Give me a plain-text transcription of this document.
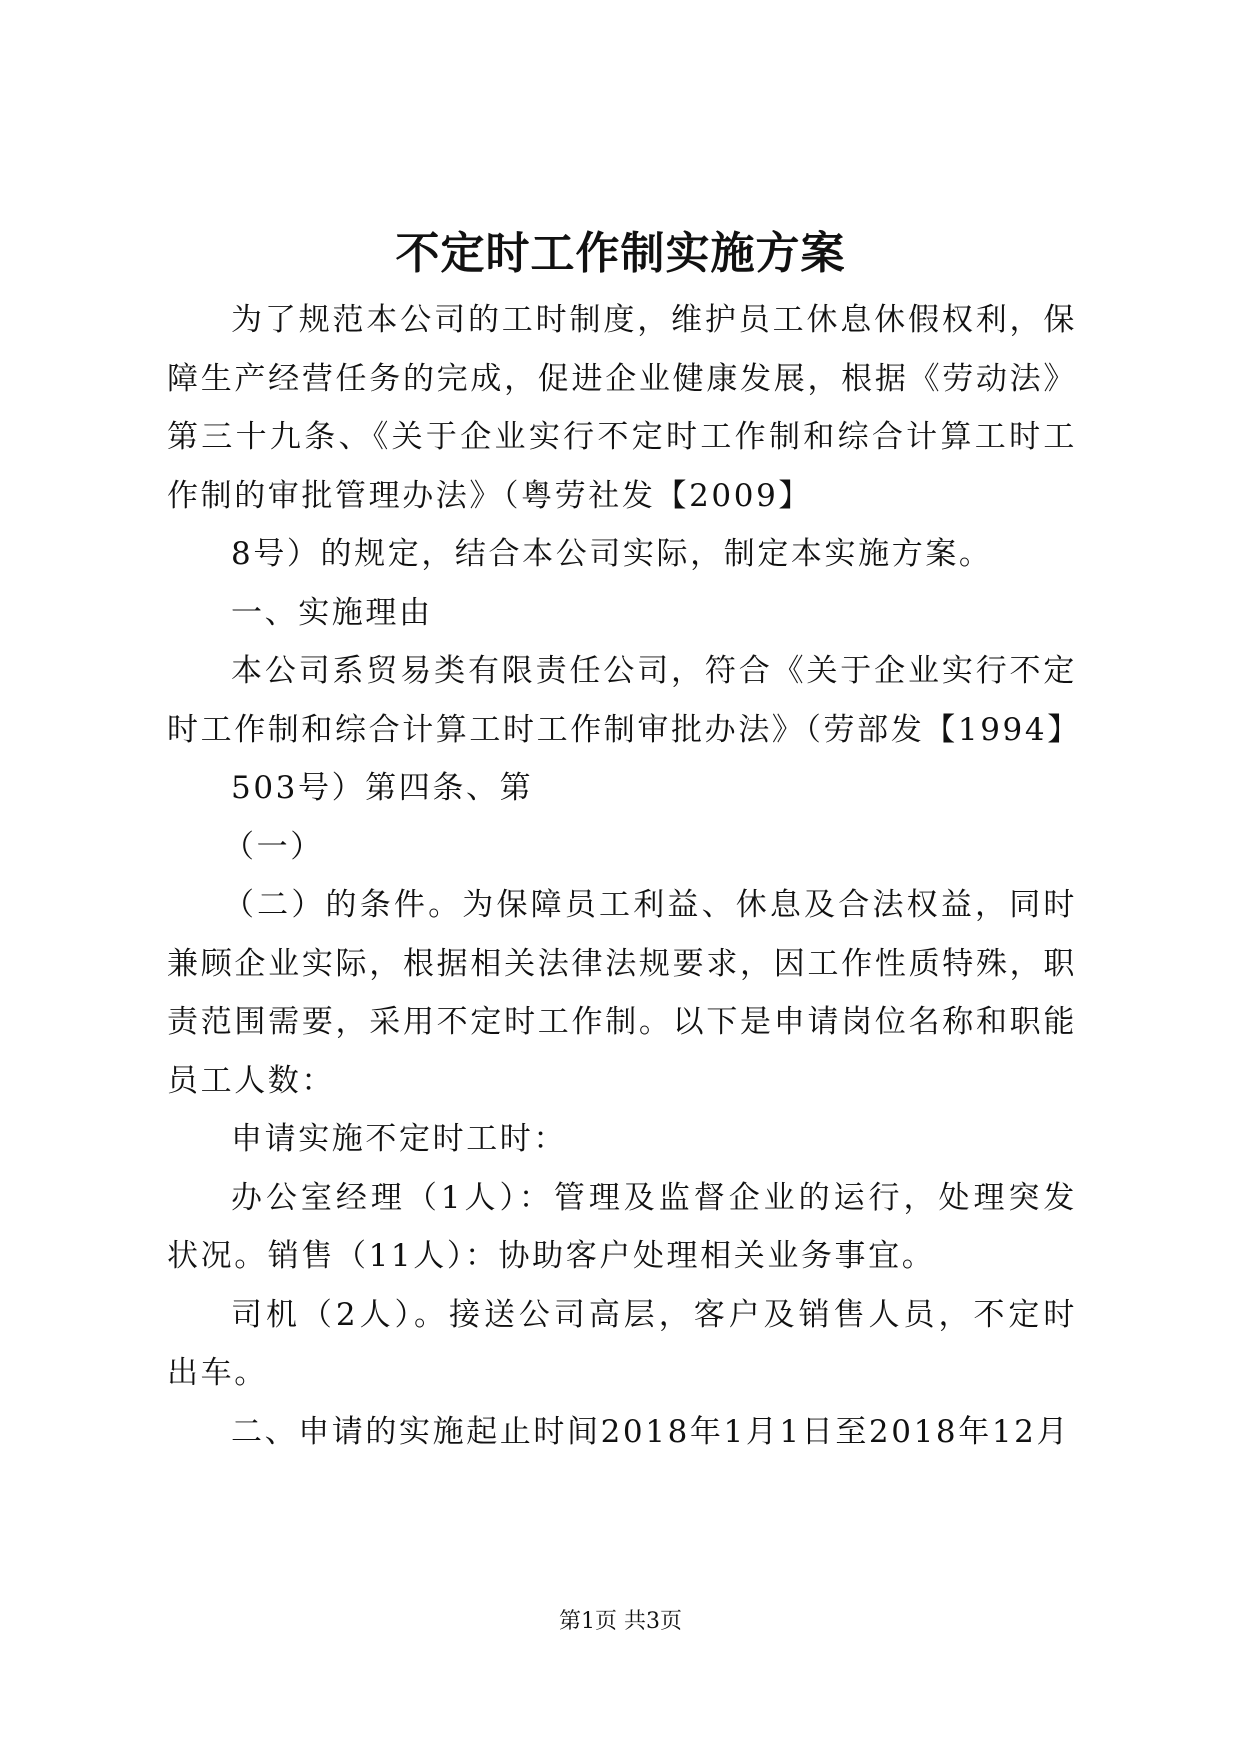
不定时工作制实施方案

为了规范本公司的工时制度，维护员工休息休假权利，保障生产经营任务的完成，促进企业健康发展，根据《劳动法》第三十九条、《关于企业实行不定时工作制和综合计算工时工作制的审批管理办法》（粤劳社发【2009】

8号）的规定，结合本公司实际，制定本实施方案。

一、实施理由

本公司系贸易类有限责任公司，符合《关于企业实行不定时工作制和综合计算工时工作制审批办法》（劳部发【1994】

503号）第四条、第

（一）

（二）的条件。为保障员工利益、休息及合法权益，同时兼顾企业实际，根据相关法律法规要求，因工作性质特殊，职责范围需要，采用不定时工作制。以下是申请岗位名称和职能员工人数：

申请实施不定时工时：

办公室经理（1人）：管理及监督企业的运行，处理突发状况。销售（11人）：协助客户处理相关业务事宜。

司机（2人）。接送公司高层，客户及销售人员，不定时出车。

二、申请的实施起止时间2018年1月1日至2018年12月

第1页 共3页
